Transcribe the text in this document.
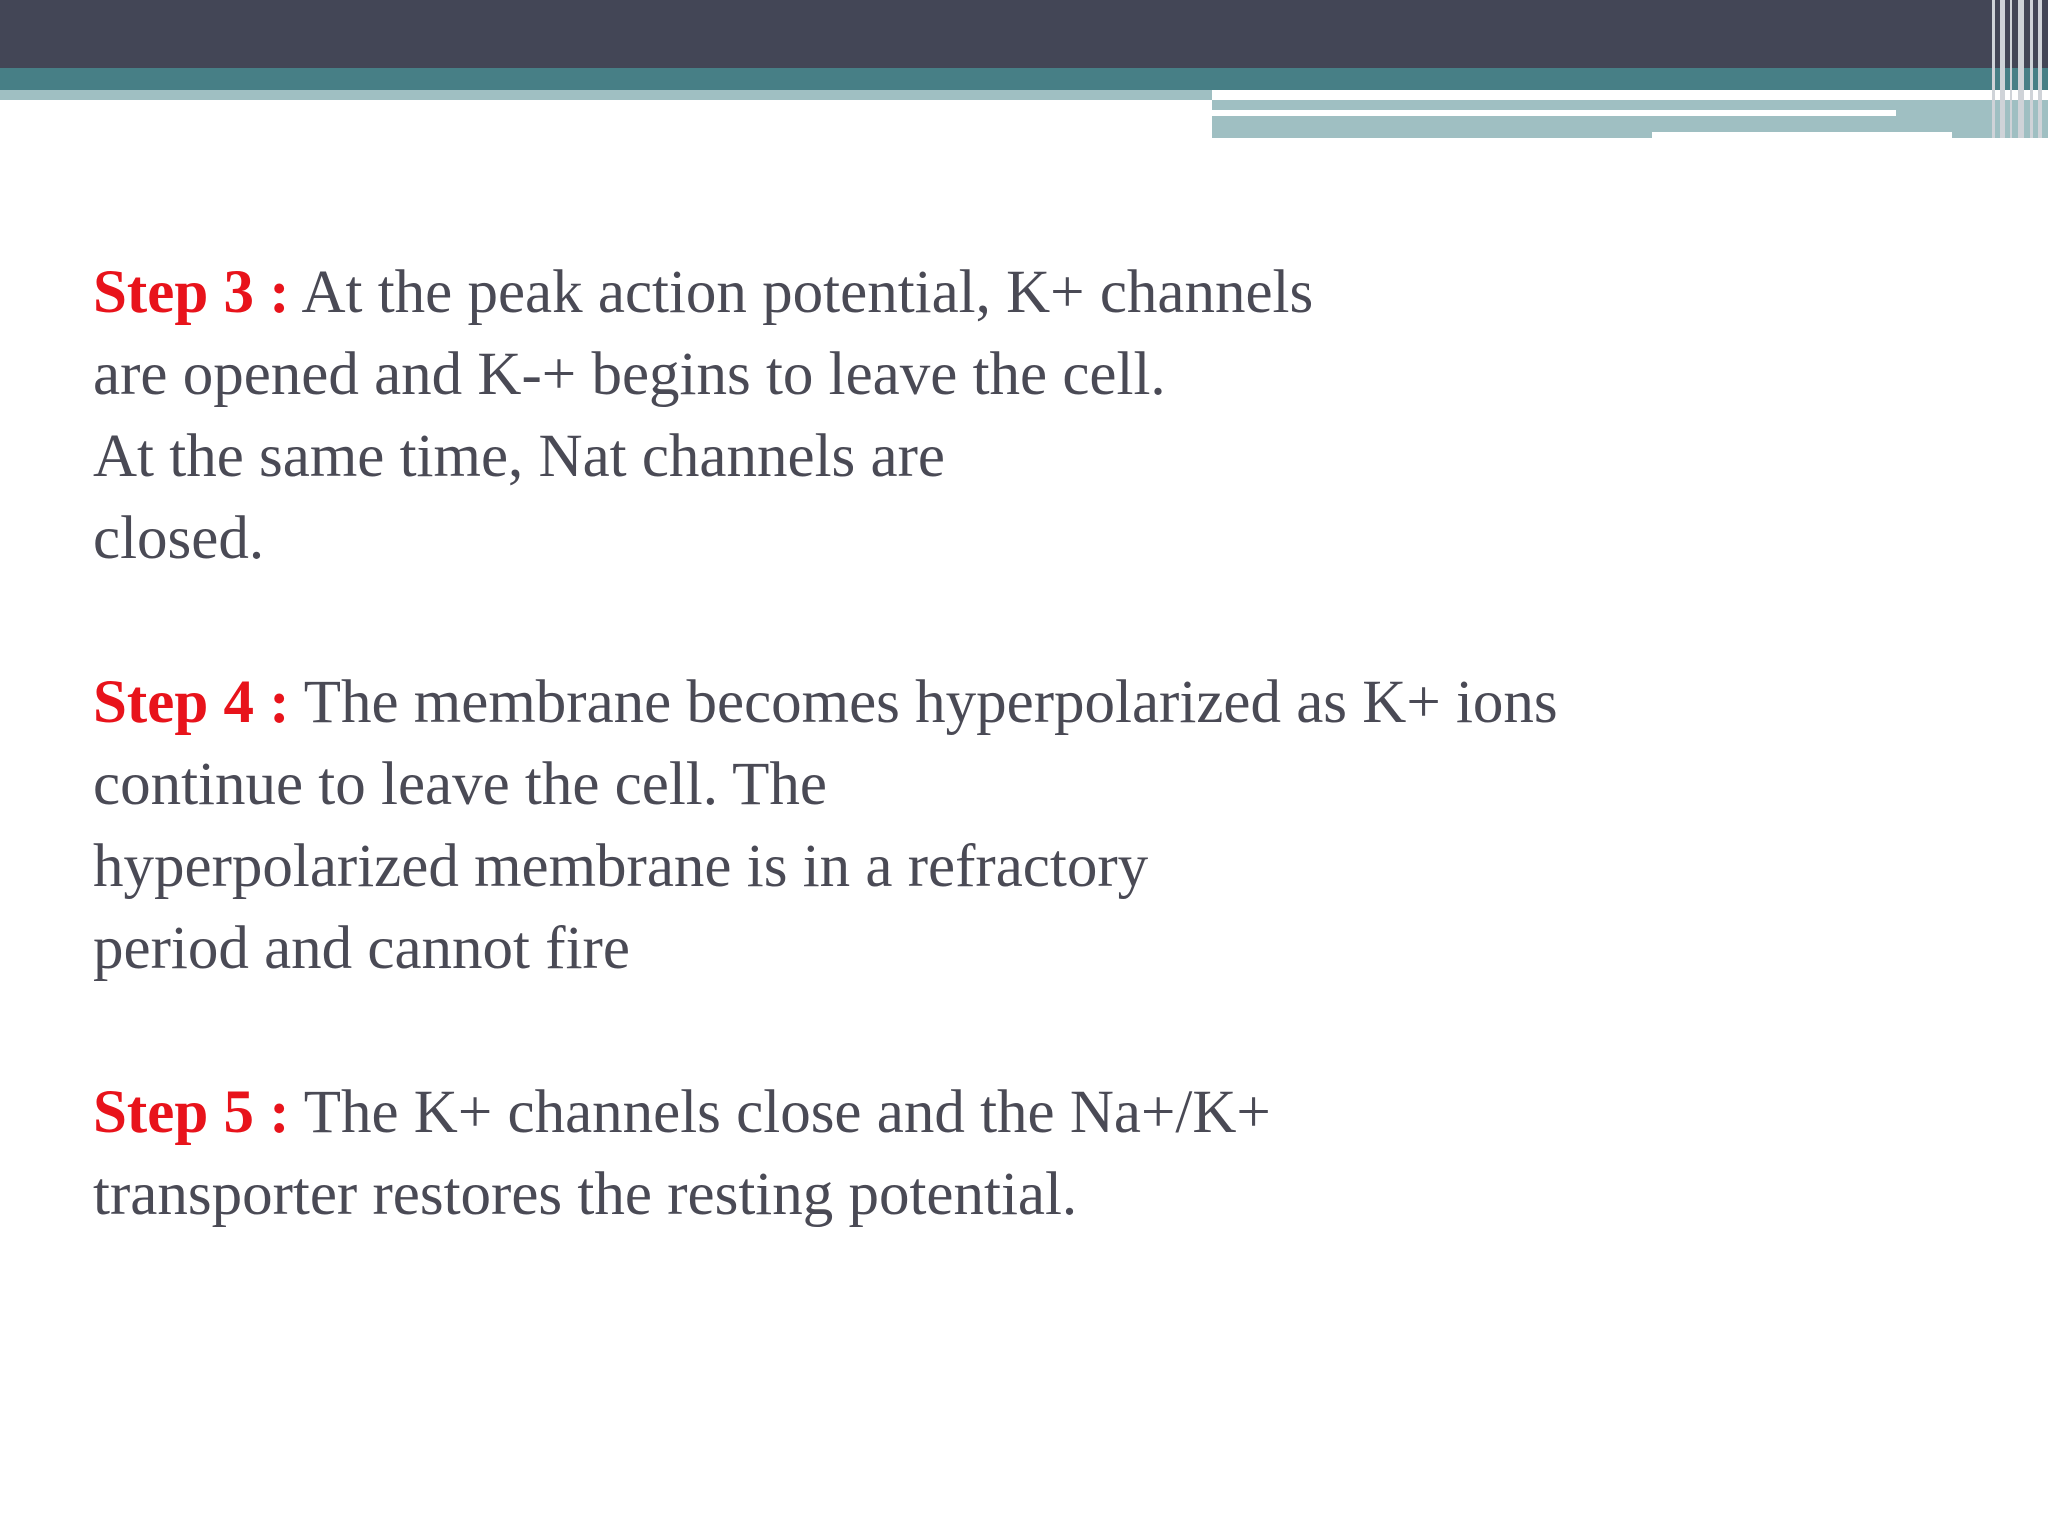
Step 3 : At the peak action potential, K+ channels
are opened and K-+ begins to leave the cell.
At the same time, Nat channels are
closed.

Step 4 : The membrane becomes hyperpolarized as K+ ions
continue to leave the cell. The
hyperpolarized membrane is in a refractory
period and cannot fire

Step 5 : The K+ channels close and the Na+/K+
transporter restores the resting potential.
